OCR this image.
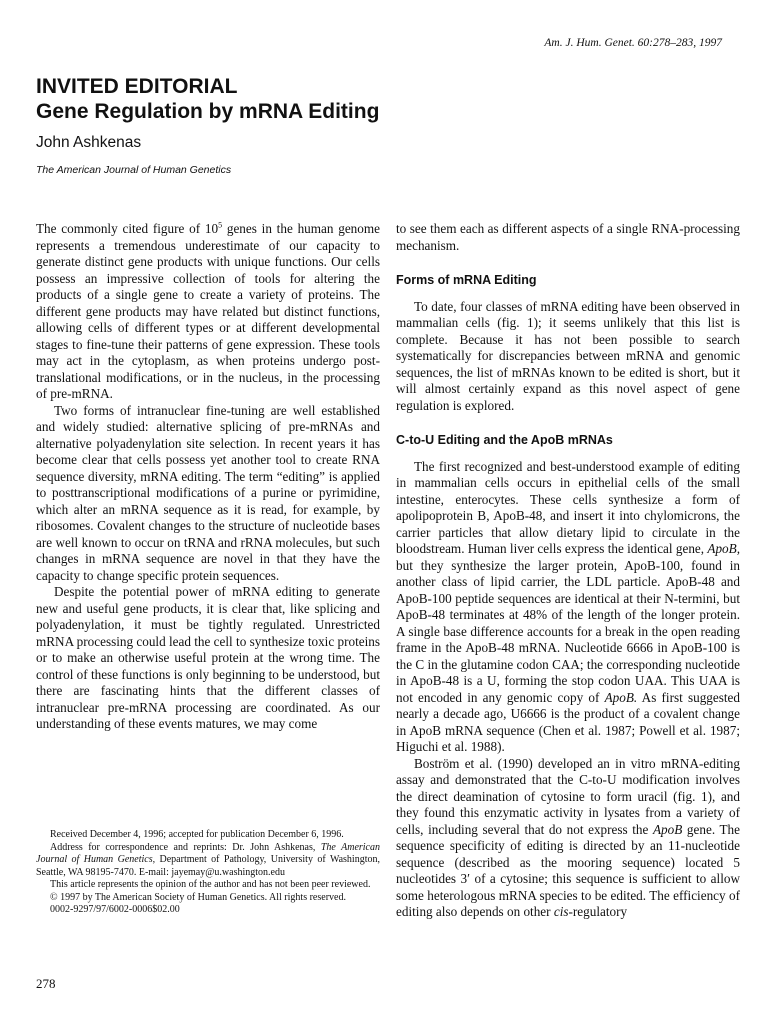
Am. J. Hum. Genet. 60:278–283, 1997
INVITED EDITORIAL
Gene Regulation by mRNA Editing
John Ashkenas
The American Journal of Human Genetics

The commonly cited figure of $10^5$ genes in the human genome represents a tremendous underestimate of our capacity to generate distinct gene products with unique functions. Our cells possess an impressive collection of tools for altering the products of a single gene to create a variety of proteins. The different gene products may have related but distinct functions, allowing cells of different types or at different developmental stages to fine-tune their patterns of gene expression. These tools may act in the cytoplasm, as when proteins undergo post-translational modifications, or in the nucleus, in the processing of pre-mRNA.

Two forms of intranuclear fine-tuning are well established and widely studied: alternative splicing of pre-mRNAs and alternative polyadenylation site selection. In recent years it has become clear that cells possess yet another tool to create RNA sequence diversity, mRNA editing. The term “editing” is applied to posttranscriptional modifications of a purine or pyrimidine, which alter an mRNA sequence as it is read, for example, by ribosomes. Covalent changes to the structure of nucleotide bases are well known to occur on tRNA and rRNA molecules, but such changes in mRNA sequence are novel in that they have the capacity to change specific protein sequences.

Despite the potential power of mRNA editing to generate new and useful gene products, it is clear that, like splicing and polyadenylation, it must be tightly regulated. Unrestricted mRNA processing could lead the cell to synthesize toxic proteins or to make an otherwise useful protein at the wrong time. The control of these functions is only beginning to be understood, but there are fascinating hints that the different classes of intranuclear pre-mRNA processing are coordinated. As our understanding of these events matures, we may come

Received December 4, 1996; accepted for publication December 6, 1996.

Address for correspondence and reprints: Dr. John Ashkenas, The American Journal of Human Genetics, Department of Pathology, University of Washington, Seattle, WA 98195-7470. E-mail: jayemay@u.washington.edu

This article represents the opinion of the author and has not been peer reviewed.

© 1997 by The American Society of Human Genetics. All rights reserved.

0002-9297/97/6002-0006$02.00

278

to see them each as different aspects of a single RNA-processing mechanism.

Forms of mRNA Editing

To date, four classes of mRNA editing have been observed in mammalian cells (fig. 1); it seems unlikely that this list is complete. Because it has not been possible to search systematically for discrepancies between mRNA and genomic sequences, the list of mRNAs known to be edited is short, but it will almost certainly expand as this novel aspect of gene regulation is explored.

C-to-U Editing and the ApoB mRNAs

The first recognized and best-understood example of editing in mammalian cells occurs in epithelial cells of the small intestine, enterocytes. These cells synthesize a form of apolipoprotein B, ApoB-48, and insert it into chylomicrons, the carrier particles that allow dietary lipid to circulate in the bloodstream. Human liver cells express the identical gene, ApoB, but they synthesize the larger protein, ApoB-100, found in another class of lipid carrier, the LDL particle. ApoB-48 and ApoB-100 peptide sequences are identical at their N-termini, but ApoB-48 terminates at 48% of the length of the longer protein. A single base difference accounts for a break in the open reading frame in the ApoB-48 mRNA. Nucleotide 6666 in ApoB-100 is the C in the glutamine codon CAA; the corresponding nucleotide in ApoB-48 is a U, forming the stop codon UAA. This UAA is not encoded in any genomic copy of ApoB. As first suggested nearly a decade ago, U6666 is the product of a covalent change in ApoB mRNA sequence (Chen et al. 1987; Powell et al. 1987; Higuchi et al. 1988).

Boström et al. (1990) developed an in vitro mRNA-editing assay and demonstrated that the C-to-U modification involves the direct deamination of cytosine to form uracil (fig. 1), and they found this enzymatic activity in lysates from a variety of cells, including several that do not express the ApoB gene. The sequence specificity of editing is directed by an 11-nucleotide sequence (described as the mooring sequence) located 5 nucleotides 3′ of a cytosine; this sequence is sufficient to allow some heterologous mRNA species to be edited. The efficiency of editing also depends on other cis-regulatory
